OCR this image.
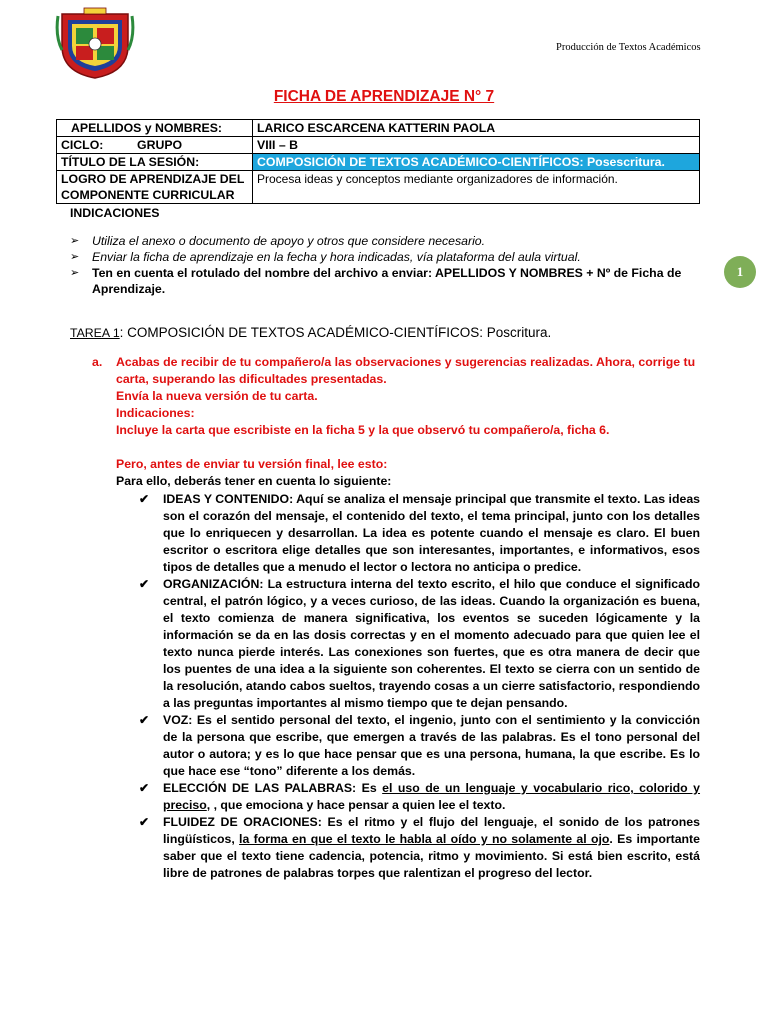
Producción de Textos Académicos
FICHA DE APRENDIZAJE N° 7
APELLIDOS y NOMBRES:	LARICO ESCARCENA KATTERIN PAOLA

CICLO: GRUPO	VIII – B
TÍTULO DE LA SESIÓN:	COMPOSICIÓN DE TEXTOS ACADÉMICO-CIENTÍFICOS: Posescritura.

LOGRO DE APRENDIZAJE DEL
COMPONENTE CURRICULAR	Procesa ideas y conceptos mediante organizadores de información.
INDICACIONES
➢	Utiliza el anexo o documento de apoyo y otros que considere necesario.
➢	Enviar la ficha de aprendizaje en la fecha y hora indicadas, vía plataforma del aula virtual.
➢	Ten en cuenta el rotulado del nombre del archivo a enviar: APELLIDOS Y NOMBRES + Nº de Ficha de Aprendizaje.
1
TAREA 1: COMPOSICIÓN DE TEXTOS ACADÉMICO-CIENTÍFICOS: Poscritura.
a.	Acabas de recibir de tu compañero/a las observaciones y sugerencias realizadas. Ahora, corrige tu carta, superando las dificultades presentadas.
Envía la nueva versión de tu carta.
Indicaciones:
Incluye la carta que escribiste en la ficha 5 y la que observó tu compañero/a, ficha 6.
Pero, antes de enviar tu versión final, lee esto:
Para ello, deberás tener en cuenta lo siguiente:
✔	IDEAS Y CONTENIDO: Aquí se analiza el mensaje principal que transmite el texto. Las ideas son el corazón del mensaje, el contenido del texto, el tema principal, junto con los detalles que lo enriquecen y desarrollan. La idea es potente cuando el mensaje es claro. El buen escritor o escritora elige detalles que son interesantes, importantes, e informativos, esos tipos de detalles que a menudo el lector o lectora no anticipa o predice.
✔	ORGANIZACIÓN: La estructura interna del texto escrito, el hilo que conduce el significado central, el patrón lógico, y a veces curioso, de las ideas. Cuando la organización es buena, el texto comienza de manera significativa, los eventos se suceden lógicamente y la información se da en las dosis correctas y en el momento adecuado para que quien lee el texto nunca pierde interés. Las conexiones son fuertes, que es otra manera de decir que los puentes de una idea a la siguiente son coherentes. El texto se cierra con un sentido de la resolución, atando cabos sueltos, trayendo cosas a un cierre satisfactorio, respondiendo a las preguntas importantes al mismo tiempo que te dejan pensando.
✔	VOZ: Es el sentido personal del texto, el ingenio, junto con el sentimiento y la convicción de la persona que escribe, que emergen a través de las palabras. Es el tono personal del autor o autora; y es lo que hace pensar que es una persona, humana, la que escribe. Es lo que hace ese “tono” diferente a los demás.
✔	ELECCIÓN DE LAS PALABRAS: Es el uso de un lenguaje y vocabulario rico, colorido y preciso, , que emociona y hace pensar a quien lee el texto.
✔	FLUIDEZ DE ORACIONES: Es el ritmo y el flujo del lenguaje, el sonido de los patrones lingüísticos, la forma en que el texto le habla al oído y no solamente al ojo. Es importante saber que el texto tiene cadencia, potencia, ritmo y movimiento. Si está bien escrito, está libre de patrones de palabras torpes que ralentizan el progreso del lector.
